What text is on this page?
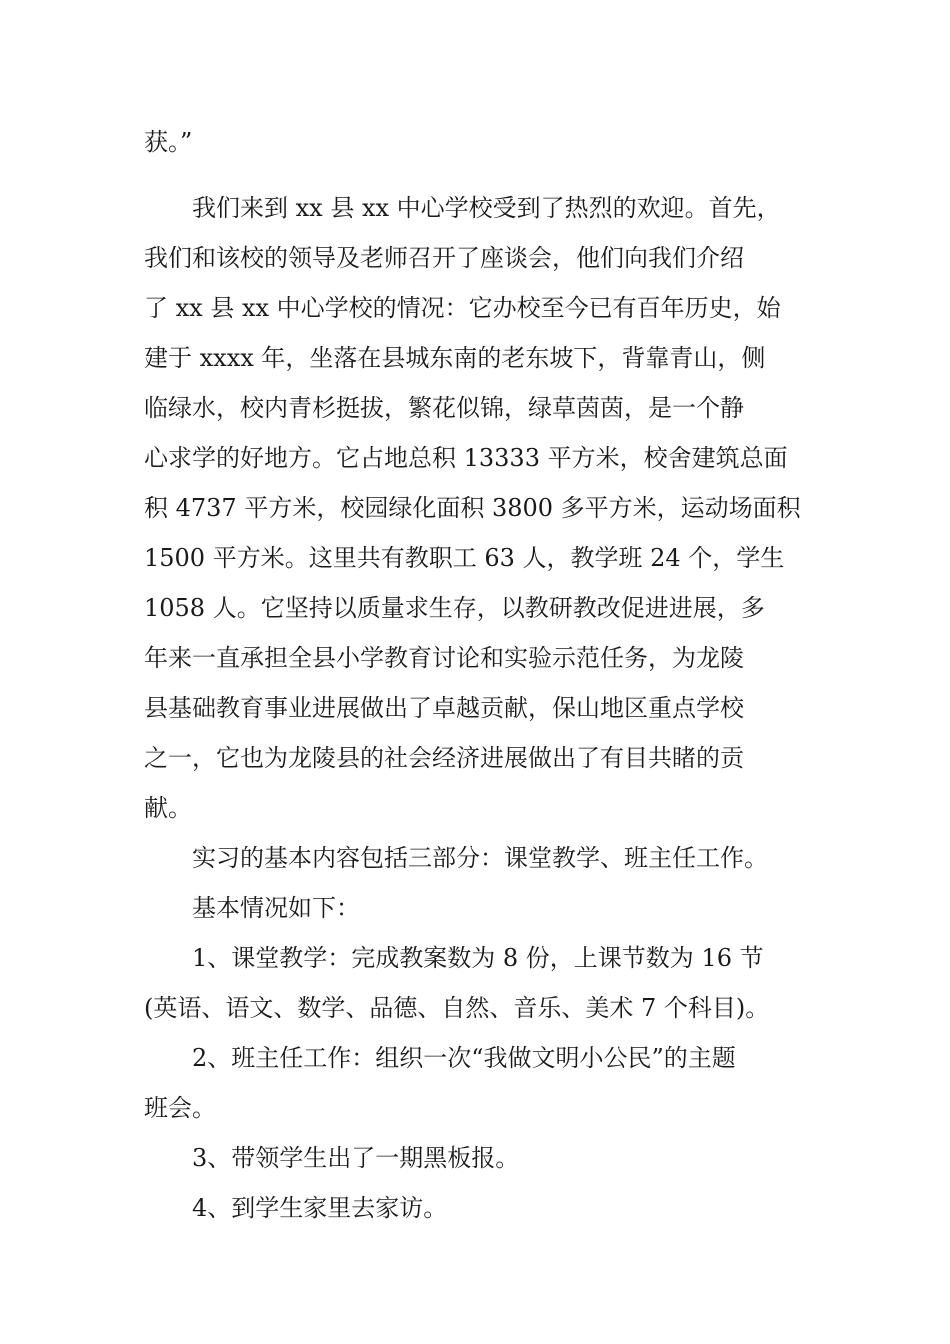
获。”

我们来到 xx 县 xx 中心学校受到了热烈的欢迎。首先，

我们和该校的领导及老师召开了座谈会，他们向我们介绍

了 xx 县 xx 中心学校的情况：它办校至今已有百年历史，始

建于 xxxx 年，坐落在县城东南的老东坡下，背靠青山，侧

临绿水，校内青杉挺拔，繁花似锦，绿草茵茵，是一个静

心求学的好地方。它占地总积 13333 平方米，校舍建筑总面

积 4737 平方米，校园绿化面积 3800 多平方米，运动场面积

1500 平方米。这里共有教职工 63 人，教学班 24 个，学生

1058 人。它坚持以质量求生存，以教研教改促进进展，多

年来一直承担全县小学教育讨论和实验示范任务，为龙陵

县基础教育事业进展做出了卓越贡献，保山地区重点学校

之一，它也为龙陵县的社会经济进展做出了有目共睹的贡

献。

实习的基本内容包括三部分：课堂教学、班主任工作。

基本情况如下：

1、课堂教学：完成教案数为 8 份，上课节数为 16 节

(英语、语文、数学、品德、自然、音乐、美术 7 个科目)。

2、班主任工作：组织一次“我做文明小公民”的主题

班会。

3、带领学生出了一期黑板报。

4、到学生家里去家访。
